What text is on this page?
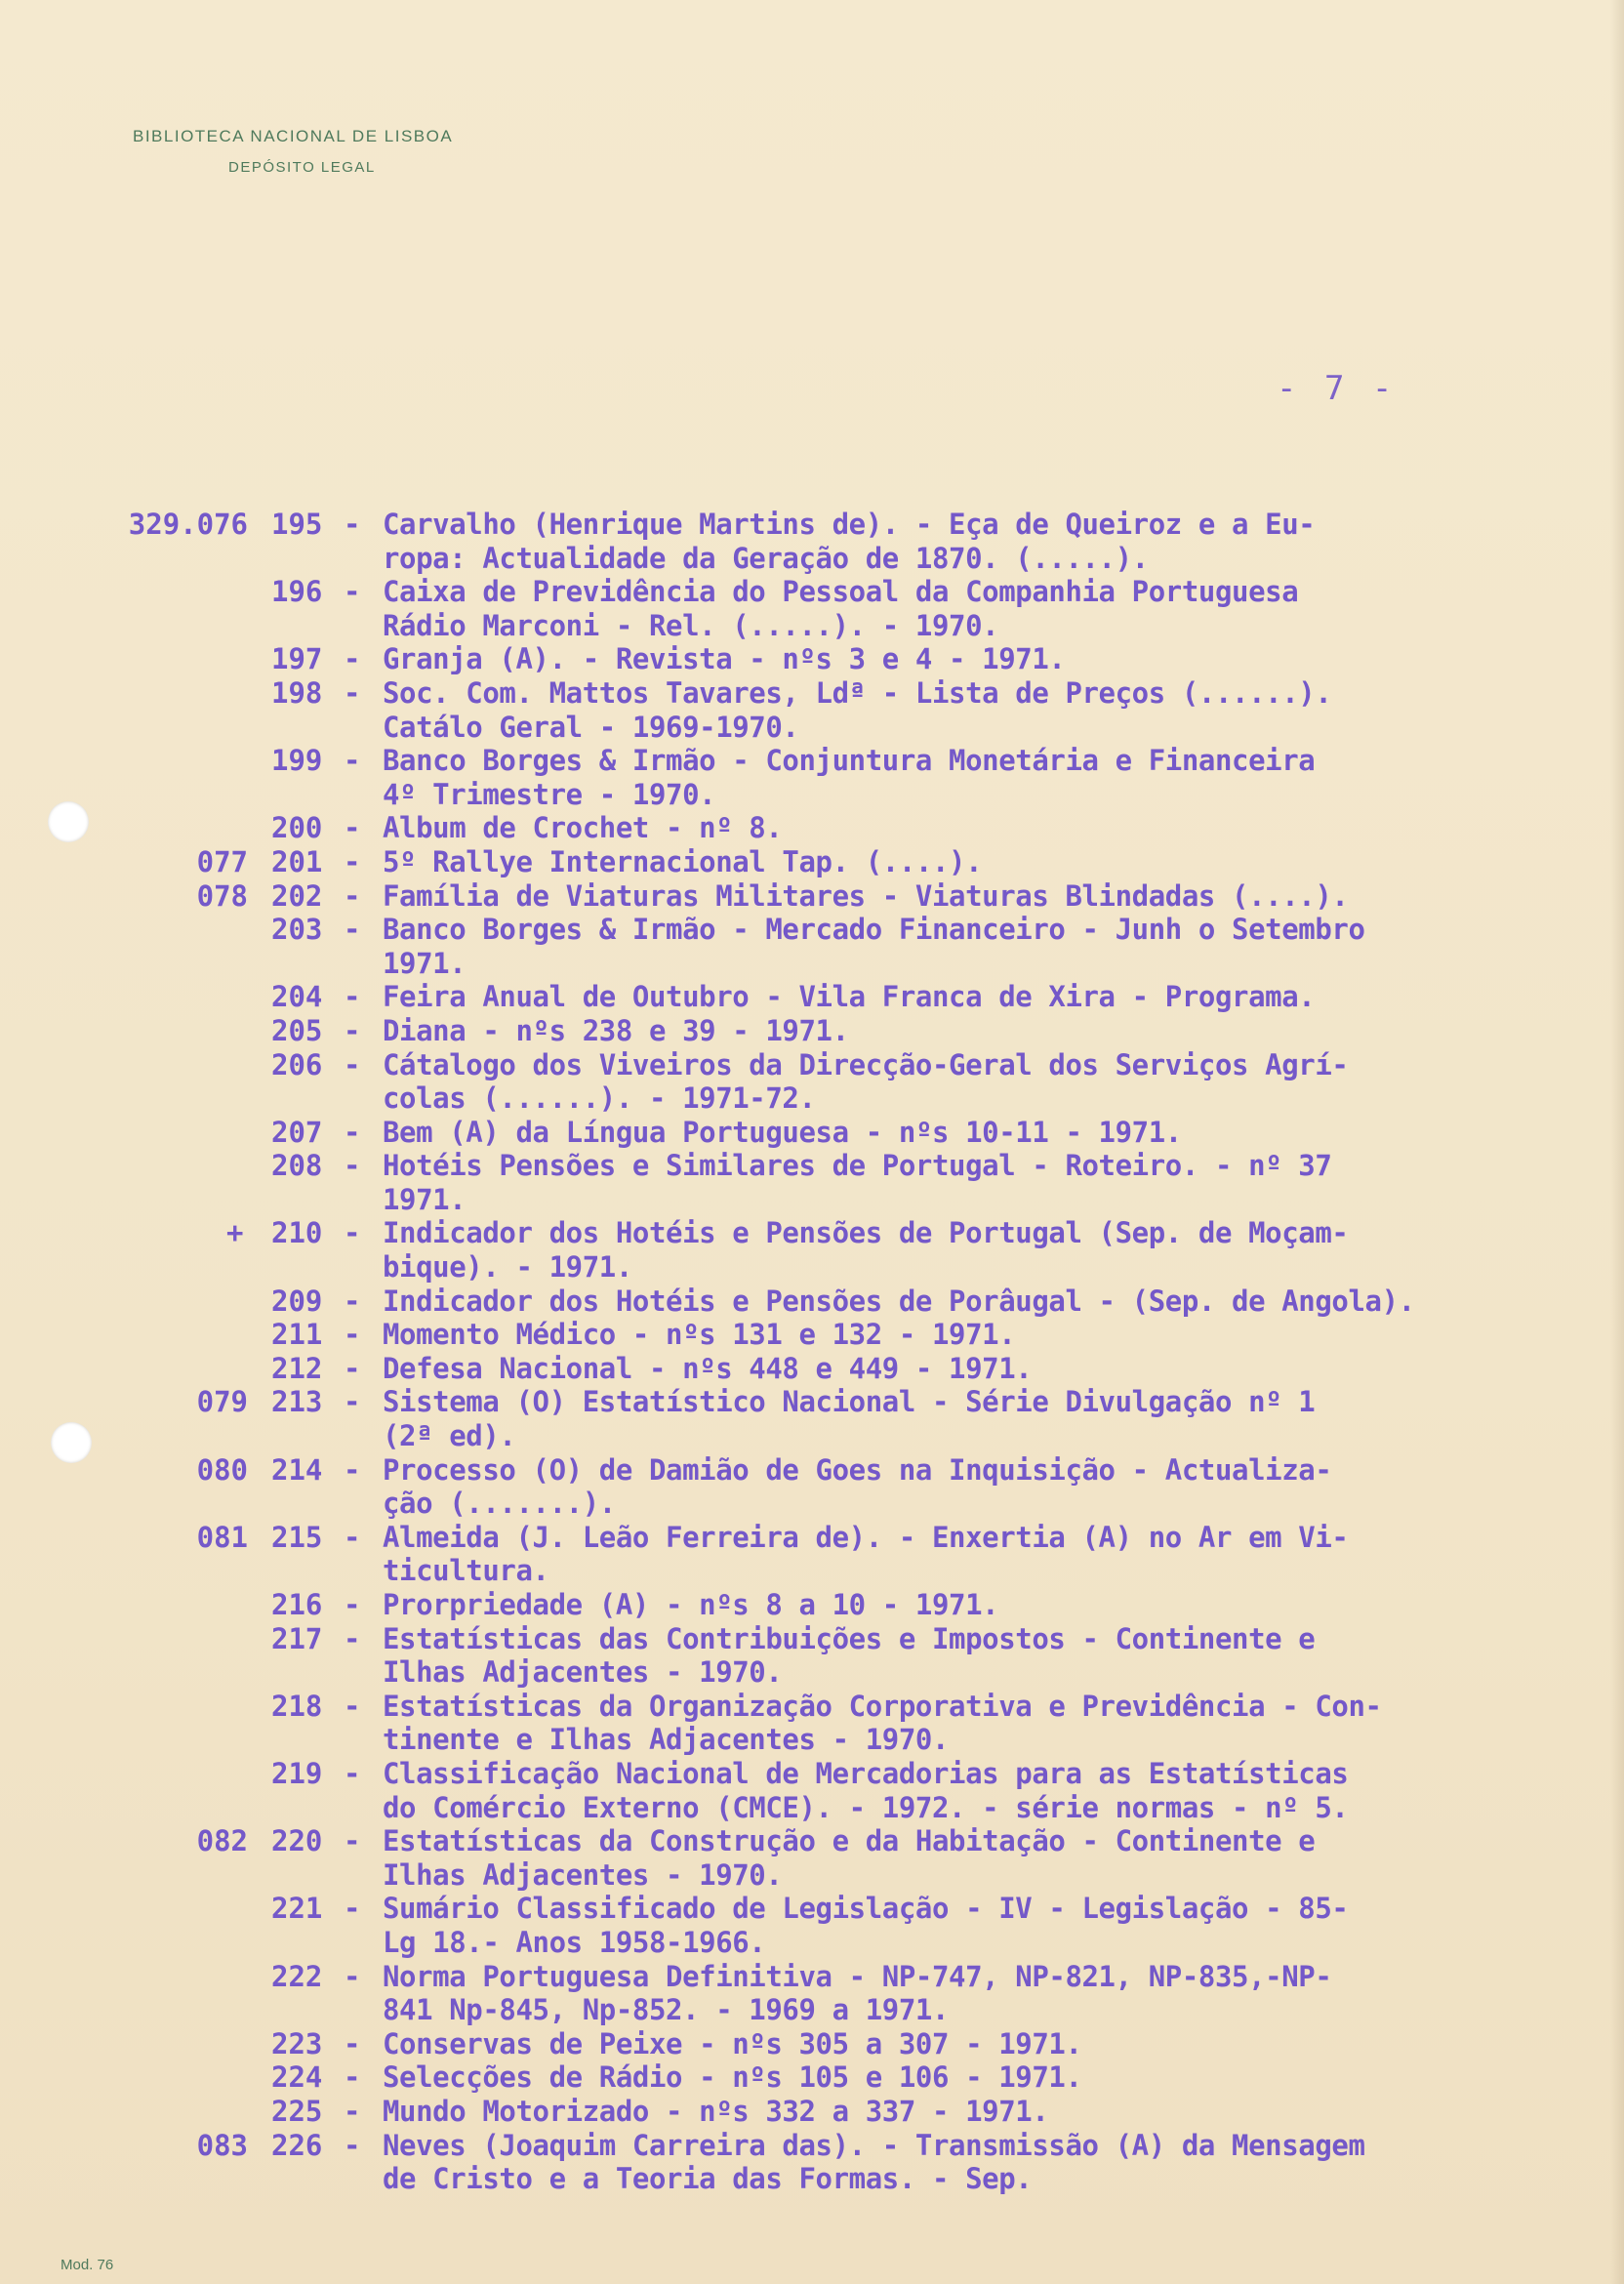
BIBLIOTECA NACIONAL DE LISBOA
DEPÓSITO LEGAL
- 7 -
329.076 195 - Carvalho (Henrique Martins de). - Eça de Queiroz e a Eu-
ropa: Actualidade da Geração de 1870. (.....).
196 - Caixa de Previdência do Pessoal da Companhia Portuguesa
Rádio Marconi - Rel. (.....). - 1970.
197 - Granja (A). - Revista - nºs 3 e 4 - 1971.
198 - Soc. Com. Mattos Tavares, Ldª - Lista de Preços (......).
Catálo Geral - 1969-1970.
199 - Banco Borges & Irmão - Conjuntura Monetária e Financeira
4º Trimestre - 1970.
200 - Album de Crochet - nº 8.
077 201 - 5º Rallye Internacional Tap. (....).
078 202 - Família de Viaturas Militares - Viaturas Blindadas (....).
203 - Banco Borges & Irmão - Mercado Financeiro - Junh o Setembro
1971.
204 - Feira Anual de Outubro - Vila Franca de Xira - Programa.
205 - Diana - nºs 238 e 39 - 1971.
206 - Cátalogo dos Viveiros da Direcção-Geral dos Serviços Agrí-
colas (......). - 1971-72.
207 - Bem (A) da Língua Portuguesa - nºs 10-11 - 1971.
208 - Hotéis Pensões e Similares de Portugal - Roteiro. - nº 37
1971.
+ 210 - Indicador dos Hotéis e Pensões de Portugal (Sep. de Moçam-
bique). - 1971.
209 - Indicador dos Hotéis e Pensões de Porâugal - (Sep. de Angola).
211 - Momento Médico - nºs 131 e 132 - 1971.
212 - Defesa Nacional - nºs 448 e 449 - 1971.
079 213 - Sistema (O) Estatístico Nacional - Série Divulgação nº 1
(2ª ed).
080 214 - Processo (O) de Damião de Goes na Inquisição - Actualiza-
ção (.......).
081 215 - Almeida (J. Leão Ferreira de). - Enxertia (A) no Ar em Vi-
ticultura.
216 - Prorpriedade (A) - nºs 8 a 10 - 1971.
217 - Estatísticas das Contribuições e Impostos - Continente e
Ilhas Adjacentes - 1970.
218 - Estatísticas da Organização Corporativa e Previdência - Con-
tinente e Ilhas Adjacentes - 1970.
219 - Classificação Nacional de Mercadorias para as Estatísticas
do Comércio Externo (CMCE). - 1972. - série normas - nº 5.
082 220 - Estatísticas da Construção e da Habitação - Continente e
Ilhas Adjacentes - 1970.
221 - Sumário Classificado de Legislação - IV - Legislação - 85-
Lg 18.- Anos 1958-1966.
222 - Norma Portuguesa Definitiva - NP-747, NP-821, NP-835,-NP-
841 Np-845, Np-852. - 1969 a 1971.
223 - Conservas de Peixe - nºs 305 a 307 - 1971.
224 - Selecções de Rádio - nºs 105 e 106 - 1971.
225 - Mundo Motorizado - nºs 332 a 337 - 1971.
083 226 - Neves (Joaquim Carreira das). - Transmissão (A) da Mensagem
de Cristo e a Teoria das Formas. - Sep.
Mod. 76
